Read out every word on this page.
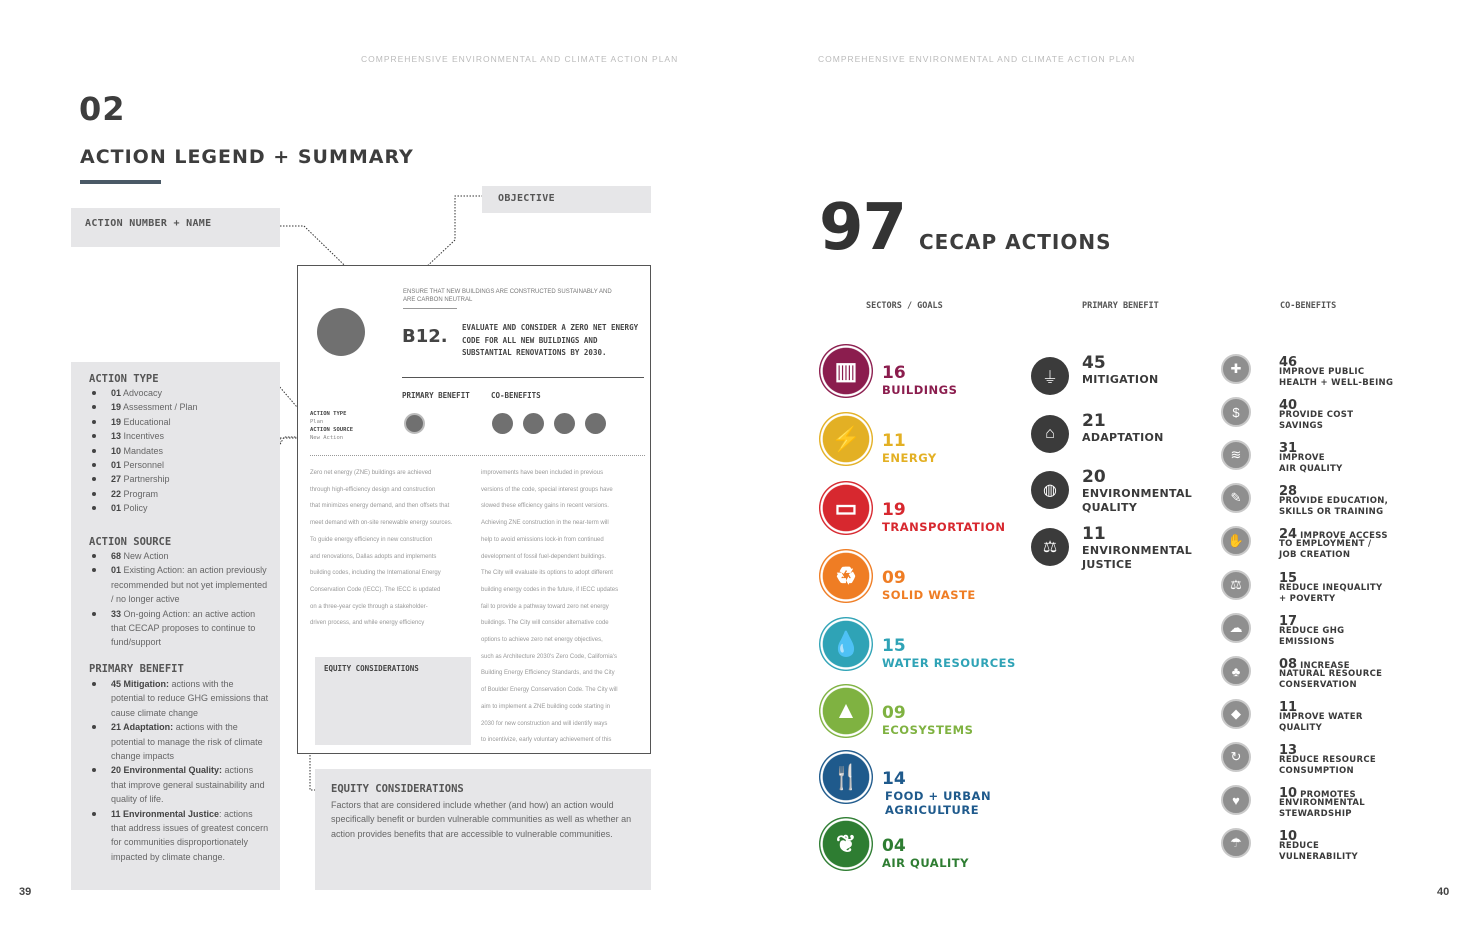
COMPREHENSIVE ENVIRONMENTAL AND CLIMATE ACTION PLAN	COMPREHENSIVE ENVIRONMENTAL AND CLIMATE ACTION PLAN
02
ACTION LEGEND + SUMMARY
ACTION NUMBER + NAME
OBJECTIVE
ACTION TYPE
01 Advocacy
19 Assessment / Plan
19 Educational
13 Incentives
10 Mandates
01 Personnel
27 Partnership
22 Program
01 Policy
ACTION SOURCE
68 New Action
01 Existing Action: an action previously recommended but not yet implemented / no longer active
33 On-going Action: an active action that CECAP proposes to continue to fund/support
PRIMARY BENEFIT
45 Mitigation: actions with the potential to reduce GHG emissions that cause climate change
21 Adaptation: actions with the potential to manage the risk of climate change impacts
20 Environmental Quality: actions that improve general sustainability and quality of life.
11 Environmental Justice: actions that address issues of greatest concern for communities disproportionately impacted by climate change.
ENSURE THAT NEW BUILDINGS ARE CONSTRUCTED SUSTAINABLY AND ARE CARBON NEUTRAL
B12. EVALUATE AND CONSIDER A ZERO NET ENERGY CODE FOR ALL NEW BUILDINGS AND SUBSTANTIAL RENOVATIONS BY 2030.
PRIMARY BENEFIT	CO-BENEFITS
ACTION TYPE
Plan
ACTION SOURCE
New Action
Zero net energy (ZNE) buildings are achieved
through high-efficiency design and construction
that minimizes energy demand, and then offsets that
meet demand with on-site renewable energy sources.
To guide energy efficiency in new construction
and renovations, Dallas adopts and implements
building codes, including the International Energy
Conservation Code (IECC). The IECC is updated
on a three-year cycle through a stakeholder-
driven process, and while energy efficiency
improvements have been included in previous
versions of the code, special interest groups have
slowed these efficiency gains in recent versions.
Achieving ZNE construction in the near-term will
help to avoid emissions lock-in from continued
development of fossil fuel-dependent buildings.
The City will evaluate its options to adopt different
building energy codes in the future, if IECC updates
fail to provide a pathway toward zero net energy
buildings. The City will consider alternative code
options to achieve zero net energy objectives,
such as Architecture 2030's Zero Code, California's
Building Energy Efficiency Standards, and the City
of Boulder Energy Conservation Code. The City will
aim to implement a ZNE building code starting in
2030 for new construction and will identify ways
to incentivize, early voluntary achievement of this
EQUITY CONSIDERATIONS
EQUITY CONSIDERATIONS
Factors that are considered include whether (and how) an action would specifically benefit or burden vulnerable communities as well as whether an action provides benefits that are accessible to vulnerable communities.
39
97 CECAP ACTIONS
SECTORS / GOALS	PRIMARY BENEFIT	CO-BENEFITS
▥	16
BUILDINGS
⚡	11
ENERGY
▭	19
TRANSPORTATION
♻	09
SOLID WASTE
💧	15
WATER RESOURCES
▲	09
ECOSYSTEMS
🍴	14
FOOD + URBAN
AGRICULTURE
❦	04
AIR QUALITY
⏚
45
MITIGATION
⌂
21
ADAPTATION
◍
20
ENVIRONMENTAL
QUALITY
⚖
11
ENVIRONMENTAL
JUSTICE
✚	46
IMPROVE PUBLIC
HEALTH + WELL-BEING
$	40
PROVIDE COST
SAVINGS
≋	31
IMPROVE
AIR QUALITY
✎	28
PROVIDE EDUCATION,
SKILLS OR TRAINING
✋	24 IMPROVE ACCESS
TO EMPLOYMENT /
JOB CREATION
⚖	15
REDUCE INEQUALITY
+ POVERTY
☁	17
REDUCE GHG
EMISSIONS
♣	08 INCREASE
NATURAL RESOURCE
CONSERVATION
◆	11
IMPROVE WATER
QUALITY
↻	13
REDUCE RESOURCE
CONSUMPTION
♥	10 PROMOTES
ENVIRONMENTAL
STEWARDSHIP
☂	10
REDUCE
VULNERABILITY
40
